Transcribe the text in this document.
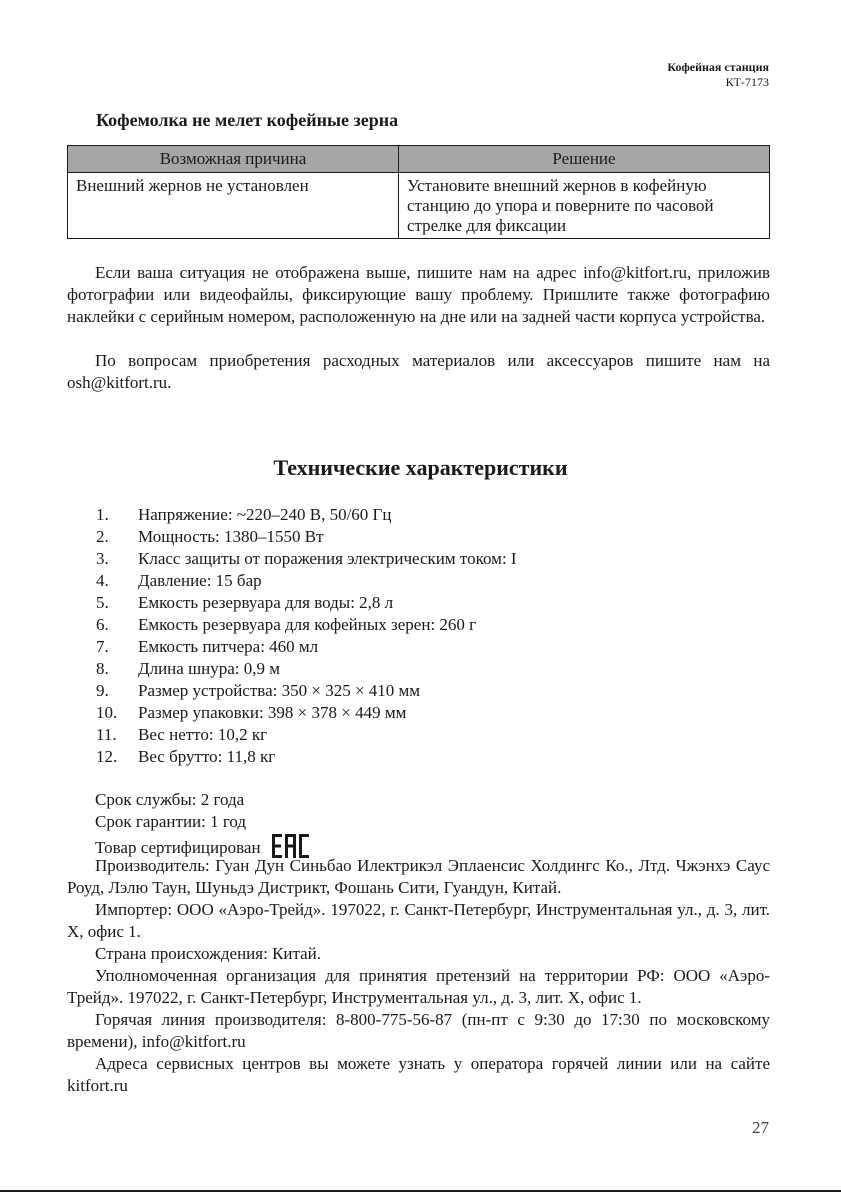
Кофейная станция
КТ-7173
Кофемолка не мелет кофейные зерна
Возможная причина	Решение
Внешний жернов не установлен	Установите внешний жернов в кофейную станцию до упора и поверните по часовой стрелке для фиксации
Если ваша ситуация не отображена выше, пишите нам на адрес info@kitfort.ru, приложив фотографии или видеофайлы, фиксирующие вашу проблему. Пришлите также фотографию наклейки с серийным номером, расположенную на дне или на задней части корпуса устройства.
По вопросам приобретения расходных материалов или аксессуаров пишите нам на osh@kitfort.ru.
Технические характеристики
1.	Напряжение: ~220–240 В, 50/60 Гц
2.	Мощность: 1380–1550 Вт
3.	Класс защиты от поражения электрическим током: I
4.	Давление: 15 бар
5.	Емкость резервуара для воды: 2,8 л
6.	Емкость резервуара для кофейных зерен: 260 г
7.	Емкость питчера: 460 мл
8.	Длина шнура: 0,9 м
9.	Размер устройства: 350 × 325 × 410 мм
10.	Размер упаковки: 398 × 378 × 449 мм
11.	Вес нетто: 10,2 кг
12.	Вес брутто: 11,8 кг
Срок службы: 2 года
Срок гарантии: 1 год
Товар сертифицирован
Производитель: Гуан Дун Синьбао Илектрикэл Эплаенсис Холдингс Ко., Лтд. Чжэнхэ Саус Роуд, Лэлю Таун, Шуньдэ Дистрикт, Фошань Сити, Гуандун, Китай.
Импортер: ООО «Аэро-Трейд». 197022, г. Санкт-Петербург, Инструментальная ул., д. 3, лит. Х, офис 1.
Страна происхождения: Китай.
Уполномоченная организация для принятия претензий на территории РФ: ООО «Аэро-Трейд». 197022, г. Санкт-Петербург, Инструментальная ул., д. 3, лит. Х, офис 1.
Горячая линия производителя: 8-800-775-56-87 (пн-пт с 9:30 до 17:30 по московскому времени), info@kitfort.ru
Адреса сервисных центров вы можете узнать у оператора горячей линии или на сайте kitfort.ru
27
